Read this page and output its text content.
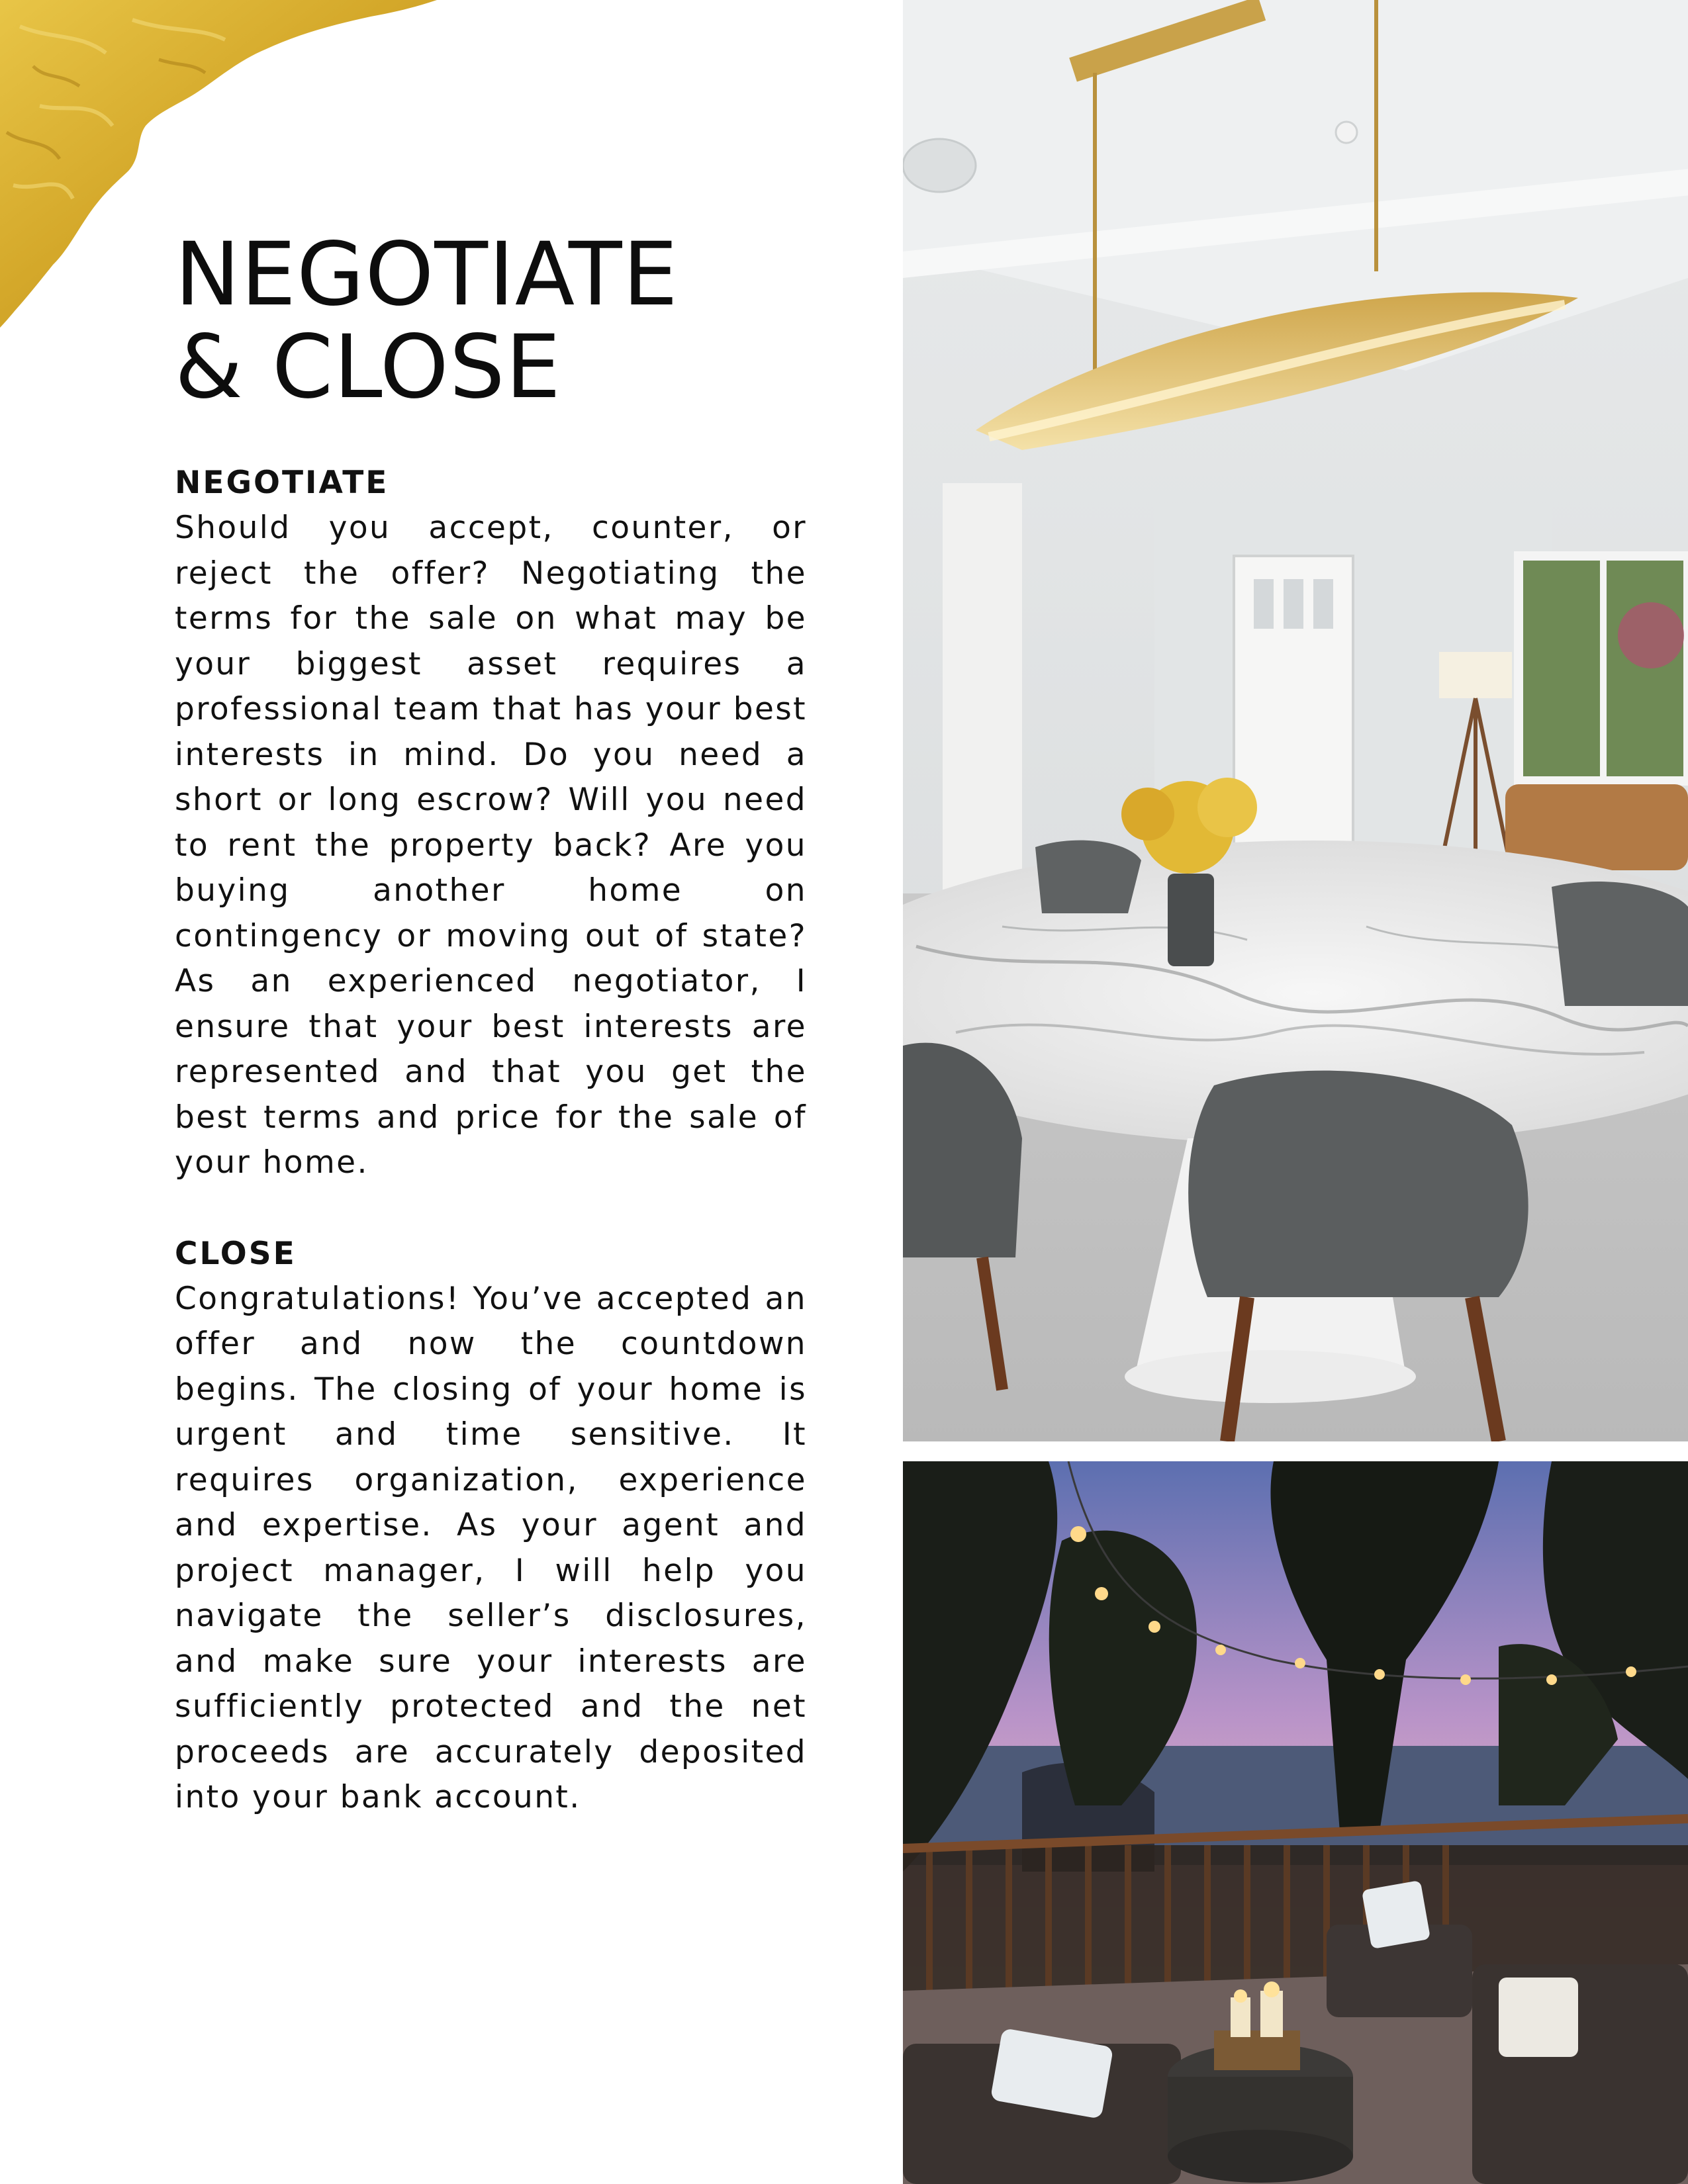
NEGOTIATE
& CLOSE

NEGOTIATE

Should you accept, counter, or reject the offer? Negotiating the terms for the sale on what may be your biggest asset requires a professional team that has your best interests in mind. Do you need a short or long escrow? Will you need to rent the property back? Are you buying another home on contingency or moving out of state? As an experienced negotiator, I ensure that your best interests are represented and that you get the best terms and price for the sale of your home.

CLOSE

Congratulations! You’ve accepted an offer and now the countdown begins. The closing of your home is urgent and time sensitive. It requires organization, experience and expertise. As your agent and project manager, I will help you navigate the seller’s disclosures, and make sure your interests are sufficiently protected and the net proceeds are accurately deposited into your bank account.
